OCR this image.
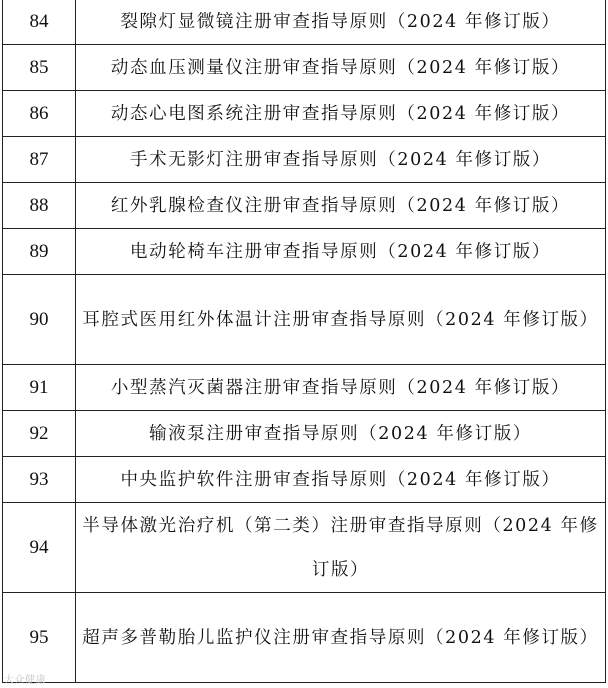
84	裂隙灯显微镜注册审查指导原则（2024 年修订版）
85	动态血压测量仪注册审查指导原则（2024 年修订版）
86	动态心电图系统注册审查指导原则（2024 年修订版）
87	手术无影灯注册审查指导原则（2024 年修订版）
88	红外乳腺检查仪注册审查指导原则（2024 年修订版）
89	电动轮椅车注册审查指导原则（2024 年修订版）
90	耳腔式医用红外体温计注册审查指导原则（2024 年修订版）
91	小型蒸汽灭菌器注册审查指导原则（2024 年修订版）
92	输液泵注册审查指导原则（2024 年修订版）
93	中央监护软件注册审查指导原则（2024 年修订版）
94	半导体激光治疗机（第二类）注册审查指导原则（2024 年修订版）
95	超声多普勒胎儿监护仪注册审查指导原则（2024 年修订版）
大众健康
